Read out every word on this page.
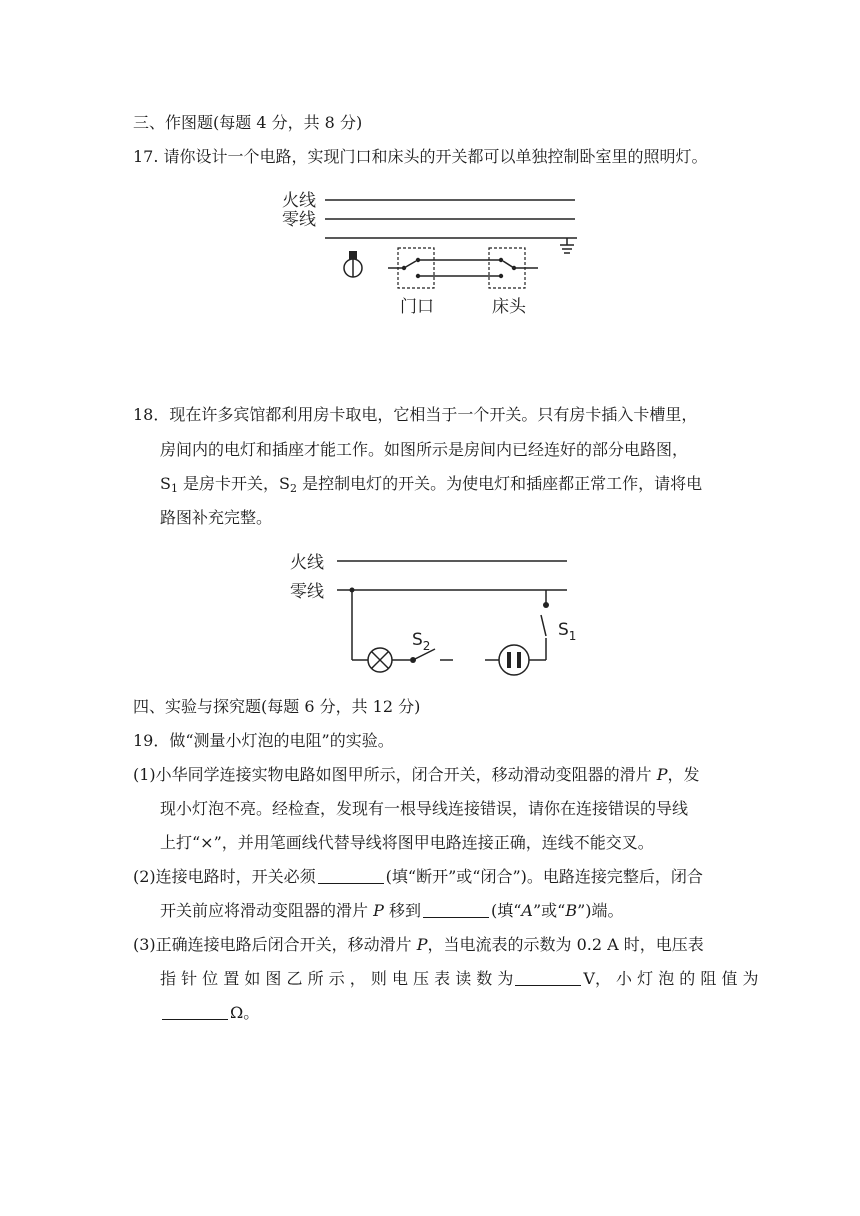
三、作图题(每题 4 分，共 8 分)
17. 请你设计一个电路，实现门口和床头的开关都可以单独控制卧室里的照明灯。
火线
零线
门口	床头
18．现在许多宾馆都利用房卡取电，它相当于一个开关。只有房卡插入卡槽里，
房间内的电灯和插座才能工作。如图所示是房间内已经连好的部分电路图，
$S_1$ 是房卡开关，$S_2$ 是控制电灯的开关。为使电灯和插座都正常工作，请将电
路图补充完整。
火线
零线
$S_2$
$S_1$
四、实验与探究题(每题 6 分，共 12 分)
19．做“测量小灯泡的电阻”的实验。
(1)小华同学连接实物电路如图甲所示，闭合开关，移动滑动变阻器的滑片 P，发
现小灯泡不亮。经检查，发现有一根导线连接错误，请你在连接错误的导线
上打“×”，并用笔画线代替导线将图甲电路连接正确，连线不能交叉。
(2)连接电路时，开关必须	(填“断开”或“闭合”)。电路连接完整后，闭合
开关前应将滑动变阻器的滑片 P 移到	(填“A”或“B”)端。
(3)正确连接电路后闭合开关，移动滑片 P，当电流表的示数为 0.2 A 时，电压表
指 针 位 置 如 图 乙 所 示 ， 则 电 压 表 读 数 为	V， 小 灯 泡 的 阻 值 为
Ω。
